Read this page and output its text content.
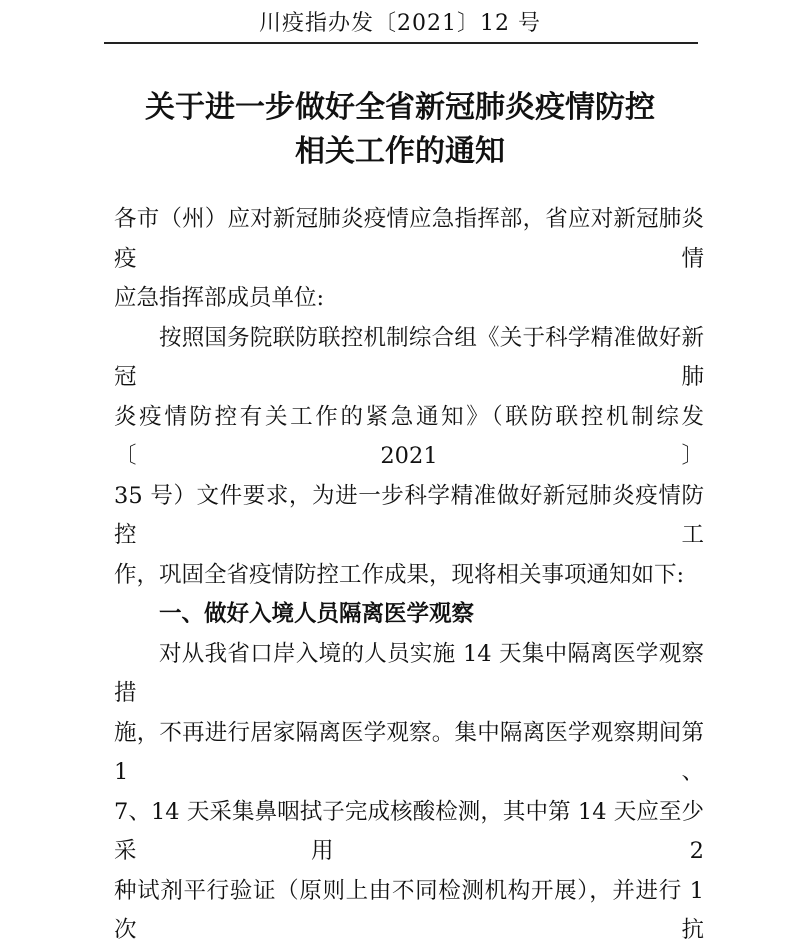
川疫指办发〔2021〕12 号
关于进一步做好全省新冠肺炎疫情防控
相关工作的通知

各市（州）应对新冠肺炎疫情应急指挥部，省应对新冠肺炎疫情

应急指挥部成员单位:

按照国务院联防联控机制综合组《关于科学精准做好新冠肺

炎疫情防控有关工作的紧急通知》（联防联控机制综发〔2021〕

35 号）文件要求，为进一步科学精准做好新冠肺炎疫情防控工

作，巩固全省疫情防控工作成果，现将相关事项通知如下:

一、做好入境人员隔离医学观察

对从我省口岸入境的人员实施 14 天集中隔离医学观察措

施，不再进行居家隔离医学观察。集中隔离医学观察期间第 1、

7、14 天采集鼻咽拭子完成核酸检测，其中第 14 天应至少采用 2

种试剂平行验证（原则上由不同检测机构开展），并进行 1 次抗
